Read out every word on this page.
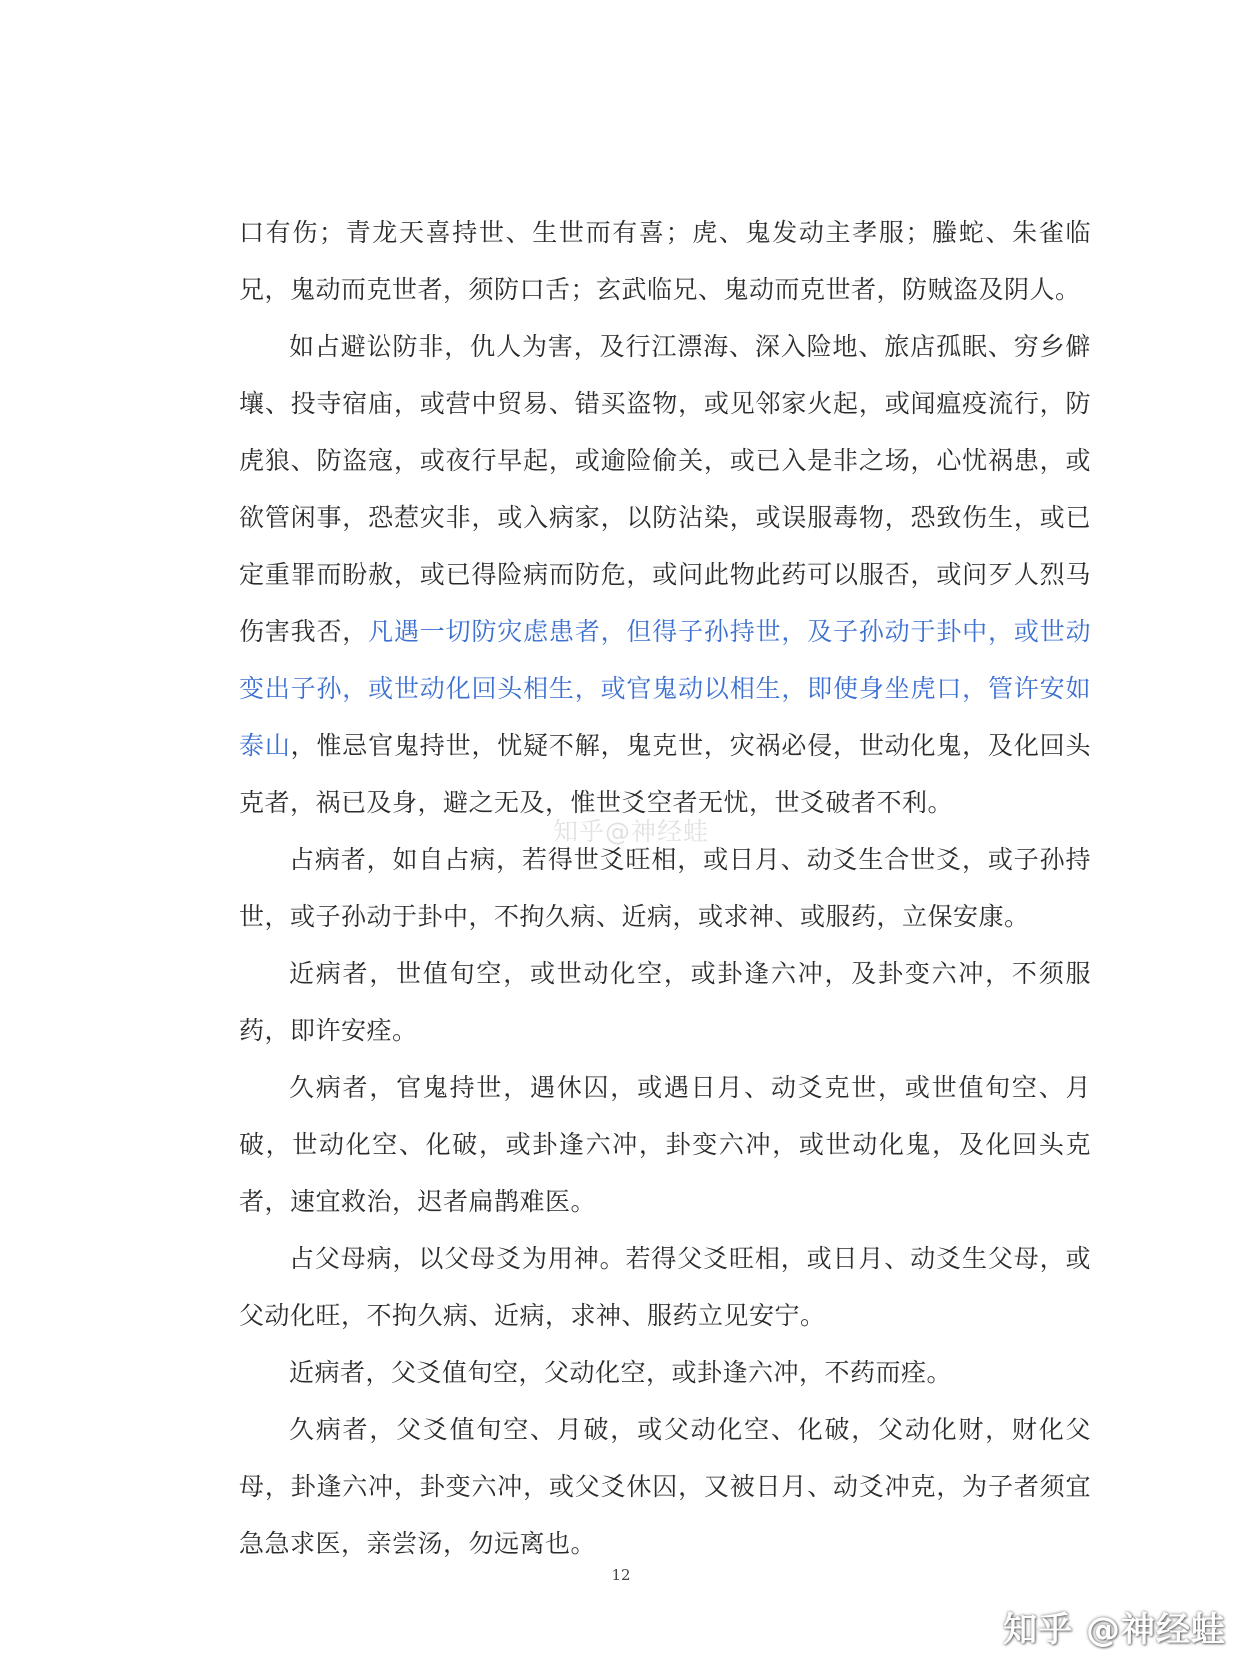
口有伤；青龙天喜持世、生世而有喜；虎、鬼发动主孝服；螣蛇、朱雀临兄，鬼动而克世者，须防口舌；玄武临兄、鬼动而克世者，防贼盗及阴人。

如占避讼防非，仇人为害，及行江漂海、深入险地、旅店孤眠、穷乡僻壤、投寺宿庙，或营中贸易、错买盗物，或见邻家火起，或闻瘟疫流行，防虎狼、防盗寇，或夜行早起，或逾险偷关，或已入是非之场，心忧祸患，或欲管闲事，恐惹灾非，或入病家，以防沾染，或误服毒物，恐致伤生，或已定重罪而盼赦，或已得险病而防危，或问此物此药可以服否，或问歹人烈马伤害我否，凡遇一切防灾虑患者，但得子孙持世，及子孙动于卦中，或世动变出子孙，或世动化回头相生，或官鬼动以相生，即使身坐虎口，管许安如泰山，惟忌官鬼持世，忧疑不解，鬼克世，灾祸必侵，世动化鬼，及化回头克者，祸已及身，避之无及，惟世爻空者无忧，世爻破者不利。

占病者，如自占病，若得世爻旺相，或日月、动爻生合世爻，或子孙持世，或子孙动于卦中，不拘久病、近病，或求神、或服药，立保安康。

近病者，世值旬空，或世动化空，或卦逢六冲，及卦变六冲，不须服药，即许安痊。

久病者，官鬼持世，遇休囚，或遇日月、动爻克世，或世值旬空、月破，世动化空、化破，或卦逢六冲，卦变六冲，或世动化鬼，及化回头克者，速宜救治，迟者扁鹊难医。

占父母病，以父母爻为用神。若得父爻旺相，或日月、动爻生父母，或父动化旺，不拘久病、近病，求神、服药立见安宁。

近病者，父爻值旬空，父动化空，或卦逢六冲，不药而痊。

久病者，父爻值旬空、月破，或父动化空、化破，父动化财，财化父母，卦逢六冲，卦变六冲，或父爻休囚，又被日月、动爻冲克，为子者须宜急急求医，亲尝汤，勿远离也。

知乎@神经蛙
12
知乎 @神经蛙
